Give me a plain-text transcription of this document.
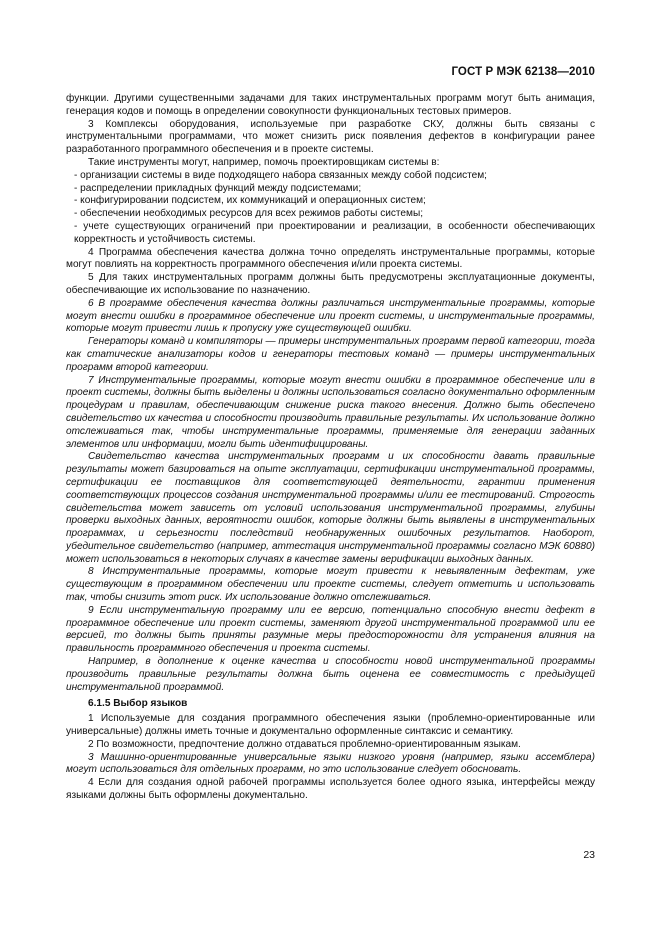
ГОСТ Р МЭК 62138—2010

функции. Другими существенными задачами для таких инструментальных программ могут быть анимация, генерация кодов и помощь в определении совокупности функциональных тестовых примеров.

3 Комплексы оборудования, используемые при разработке СКУ, должны быть связаны с инструментальными программами, что может снизить риск появления дефектов в конфигурации ранее разработанного программного обеспечения и в проекте системы.

Такие инструменты могут, например, помочь проектировщикам системы в:

- организации системы в виде подходящего набора связанных между собой подсистем;

- распределении прикладных функций между подсистемами;

- конфигурировании подсистем, их коммуникаций и операционных систем;

- обеспечении необходимых ресурсов для всех режимов работы системы;

- учете существующих ограничений при проектировании и реализации, в особенности обеспечивающих корректность и устойчивость системы.

4 Программа обеспечения качества должна точно определять инструментальные программы, которые могут повлиять на корректность программного обеспечения и/или проекта системы.

5 Для таких инструментальных программ должны быть предусмотрены эксплуатационные документы, обеспечивающие их использование по назначению.

6 В программе обеспечения качества должны различаться инструментальные программы, которые могут внести ошибки в программное обеспечение или проект системы, и инструментальные программы, которые могут привести лишь к пропуску уже существующей ошибки.

Генераторы команд и компиляторы — примеры инструментальных программ первой категории, тогда как статические анализаторы кодов и генераторы тестовых команд — примеры инструментальных программ второй категории.

7 Инструментальные программы, которые могут внести ошибки в программное обеспечение или в проект системы, должны быть выделены и должны использоваться согласно документально оформленным процедурам и правилам, обеспечивающим снижение риска такого внесения. Должно быть обеспечено свидетельство их качества и способности производить правильные результаты. Их использование должно отслеживаться так, чтобы инструментальные программы, применяемые для генерации заданных элементов или информации, могли быть идентифицированы.

Свидетельство качества инструментальных программ и их способности давать правильные результаты может базироваться на опыте эксплуатации, сертификации инструментальной программы, сертификации ее поставщиков для соответствующей деятельности, гарантии применения соответствующих процессов создания инструментальной программы и/или ее тестирований. Строгость свидетельства может зависеть от условий использования инструментальной программы, глубины проверки выходных данных, вероятности ошибок, которые должны быть выявлены в инструментальных программах, и серьезности последствий необнаруженных ошибочных результатов. Наоборот, убедительное свидетельство (например, аттестация инструментальной программы согласно МЭК 60880) может использоваться в некоторых случаях в качестве замены верификации выходных данных.

8 Инструментальные программы, которые могут привести к невыявленным дефектам, уже существующим в программном обеспечении или проекте системы, следует отметить и использовать так, чтобы снизить этот риск. Их использование должно отслеживаться.

9 Если инструментальную программу или ее версию, потенциально способную внести дефект в программное обеспечение или проект системы, заменяют другой инструментальной программой или ее версией, то должны быть приняты разумные меры предосторожности для устранения влияния на правильность программного обеспечения и проекта системы.

Например, в дополнение к оценке качества и способности новой инструментальной программы производить правильные результаты должна быть оценена ее совместимость с предыдущей инструментальной программой.

6.1.5 Выбор языков

1 Используемые для создания программного обеспечения языки (проблемно-ориентированные или универсальные) должны иметь точные и документально оформленные синтаксис и семантику.

2 По возможности, предпочтение должно отдаваться проблемно-ориентированным языкам.

3 Машинно-ориентированные универсальные языки низкого уровня (например, языки ассемблера) могут использоваться для отдельных программ, но это использование следует обосновать.

4 Если для создания одной рабочей программы используется более одного языка, интерфейсы между языками должны быть оформлены документально.

23
